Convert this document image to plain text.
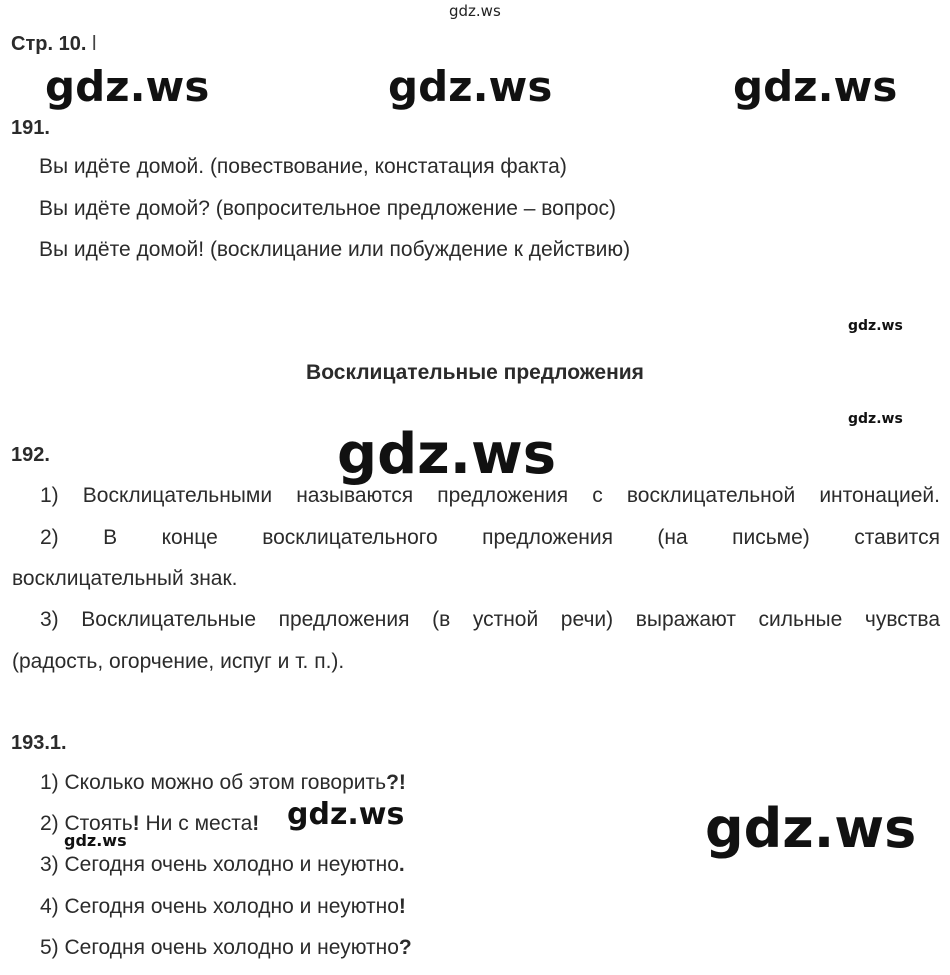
gdz.ws
gdz.ws	gdz.ws	gdz.ws
gdz.ws
gdz.ws
gdz.ws
gdz.ws
gdz.ws	gdz.ws
Стр. 10. l
191.
Вы идёте домой. (повествование, констатация факта)
Вы идёте домой? (вопросительное предложение – вопрос)
Вы идёте домой! (восклицание или побуждение к действию)
Восклицательные предложения
192.
1) Восклицательными называются предложения с восклицательной интонацией.
2) В конце восклицательного предложения (на письме) ставится
восклицательный знак.
3) Восклицательные предложения (в устной речи) выражают сильные чувства
(радость, огорчение, испуг и т. п.).
193.1.
1) Сколько можно об этом говорить?!
2) Стоять! Ни с места!
3) Сегодня очень холодно и неуютно.
4) Сегодня очень холодно и неуютно!
5) Сегодня очень холодно и неуютно?
